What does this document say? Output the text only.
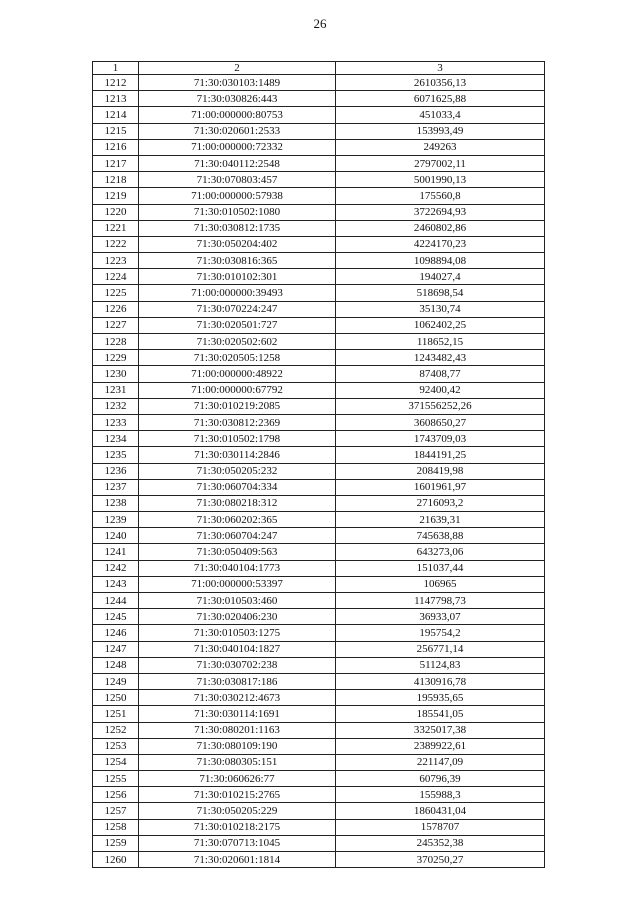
26
1	2	3
1212	71:30:030103:1489	2610356,13
1213	71:30:030826:443	6071625,88
1214	71:00:000000:80753	451033,4
1215	71:30:020601:2533	153993,49
1216	71:00:000000:72332	249263
1217	71:30:040112:2548	2797002,11
1218	71:30:070803:457	5001990,13
1219	71:00:000000:57938	175560,8
1220	71:30:010502:1080	3722694,93
1221	71:30:030812:1735	2460802,86
1222	71:30:050204:402	4224170,23
1223	71:30:030816:365	1098894,08
1224	71:30:010102:301	194027,4
1225	71:00:000000:39493	518698,54
1226	71:30:070224:247	35130,74
1227	71:30:020501:727	1062402,25
1228	71:30:020502:602	118652,15
1229	71:30:020505:1258	1243482,43
1230	71:00:000000:48922	87408,77
1231	71:00:000000:67792	92400,42
1232	71:30:010219:2085	371556252,26
1233	71:30:030812:2369	3608650,27
1234	71:30:010502:1798	1743709,03
1235	71:30:030114:2846	1844191,25
1236	71:30:050205:232	208419,98
1237	71:30:060704:334	1601961,97
1238	71:30:080218:312	2716093,2
1239	71:30:060202:365	21639,31
1240	71:30:060704:247	745638,88
1241	71:30:050409:563	643273,06
1242	71:30:040104:1773	151037,44
1243	71:00:000000:53397	106965
1244	71:30:010503:460	1147798,73
1245	71:30:020406:230	36933,07
1246	71:30:010503:1275	195754,2
1247	71:30:040104:1827	256771,14
1248	71:30:030702:238	51124,83
1249	71:30:030817:186	4130916,78
1250	71:30:030212:4673	195935,65
1251	71:30:030114:1691	185541,05
1252	71:30:080201:1163	3325017,38
1253	71:30:080109:190	2389922,61
1254	71:30:080305:151	221147,09
1255	71:30:060626:77	60796,39
1256	71:30:010215:2765	155988,3
1257	71:30:050205:229	1860431,04
1258	71:30:010218:2175	1578707
1259	71:30:070713:1045	245352,38
1260	71:30:020601:1814	370250,27
